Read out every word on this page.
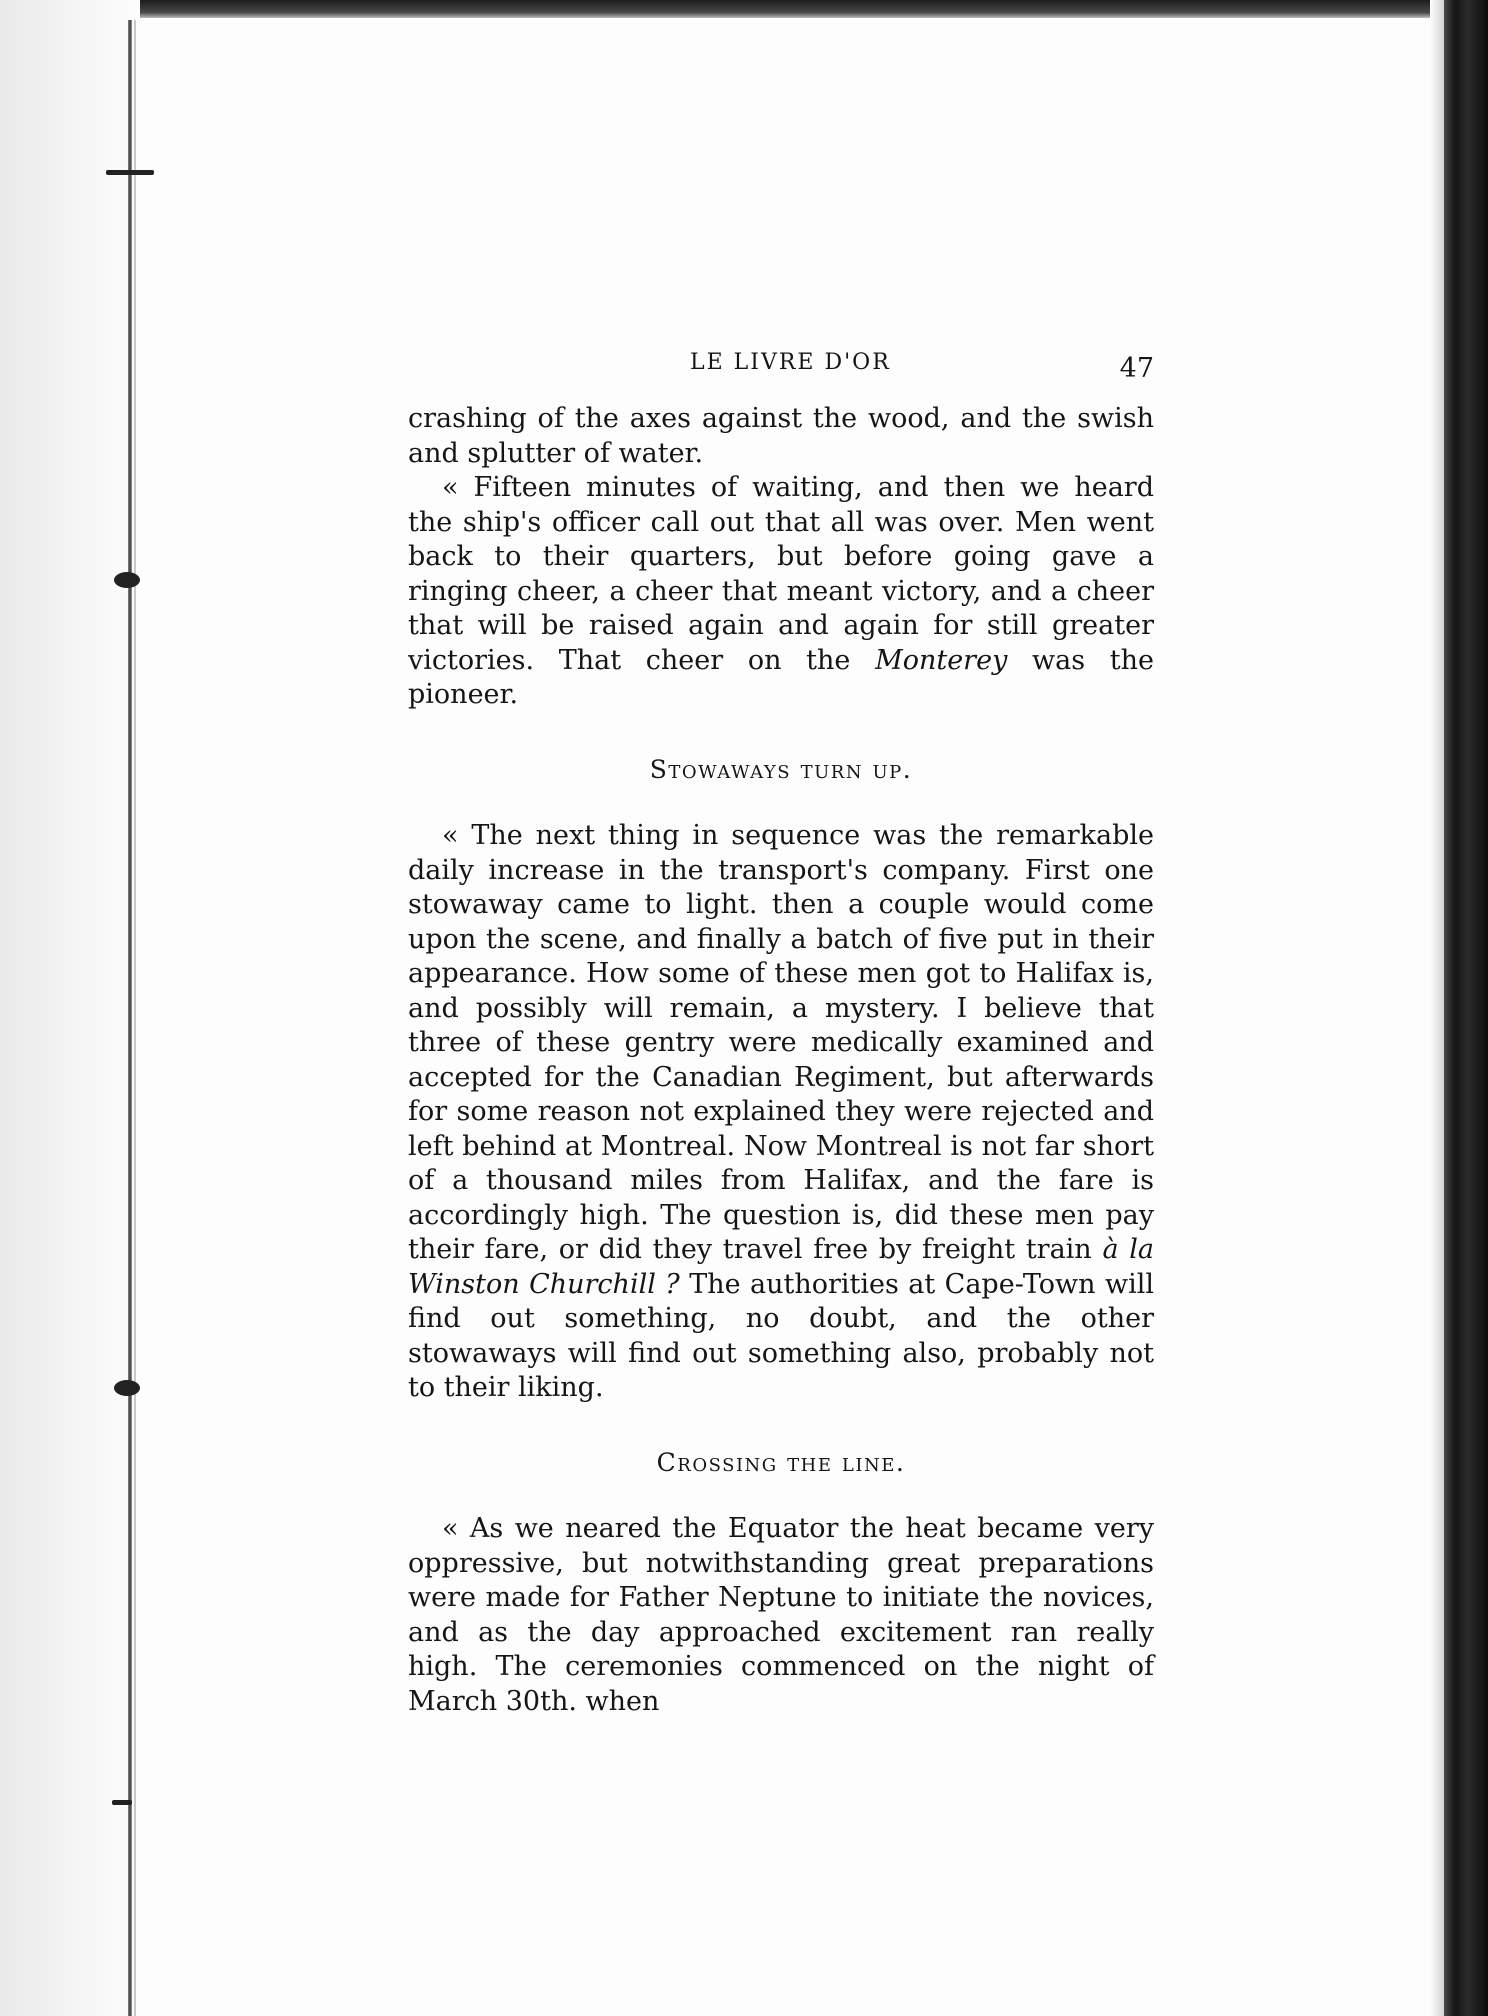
LE LIVRE D'OR	47

crashing of the axes against the wood, and the swish and splutter of water.

« Fifteen minutes of waiting, and then we heard the ship's officer call out that all was over. Men went back to their quarters, but before going gave a ringing cheer, a cheer that meant victory, and a cheer that will be raised again and again for still greater victories. That cheer on the Monterey was the pioneer.

Stowaways turn up.

« The next thing in sequence was the remarkable daily increase in the transport's company. First one stowaway came to light. then a couple would come upon the scene, and finally a batch of five put in their appearance. How some of these men got to Halifax is, and possibly will remain, a mystery. I believe that three of these gentry were medically examined and accepted for the Canadian Regiment, but afterwards for some reason not explained they were rejected and left behind at Montreal. Now Montreal is not far short of a thousand miles from Halifax, and the fare is accordingly high. The question is, did these men pay their fare, or did they travel free by freight train à la Winston Churchill ? The authorities at Cape-Town will find out something, no doubt, and the other stowaways will find out something also, probably not to their liking.

Crossing the line.

« As we neared the Equator the heat became very oppressive, but notwithstanding great preparations were made for Father Neptune to initiate the novices, and as the day approached excitement ran really high. The ceremonies commenced on the night of March 30th. when
